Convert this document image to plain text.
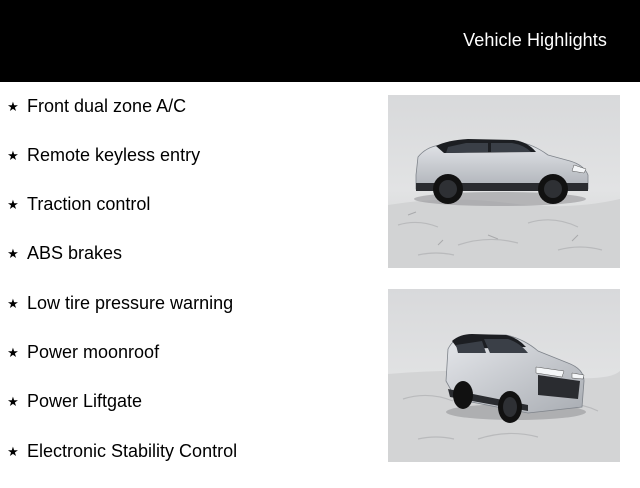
Vehicle Highlights
★ Front dual zone A/C
★ Remote keyless entry
★ Traction control
★ ABS brakes
★ Low tire pressure warning
★ Power moonroof
★ Power Liftgate
★ Electronic Stability Control
